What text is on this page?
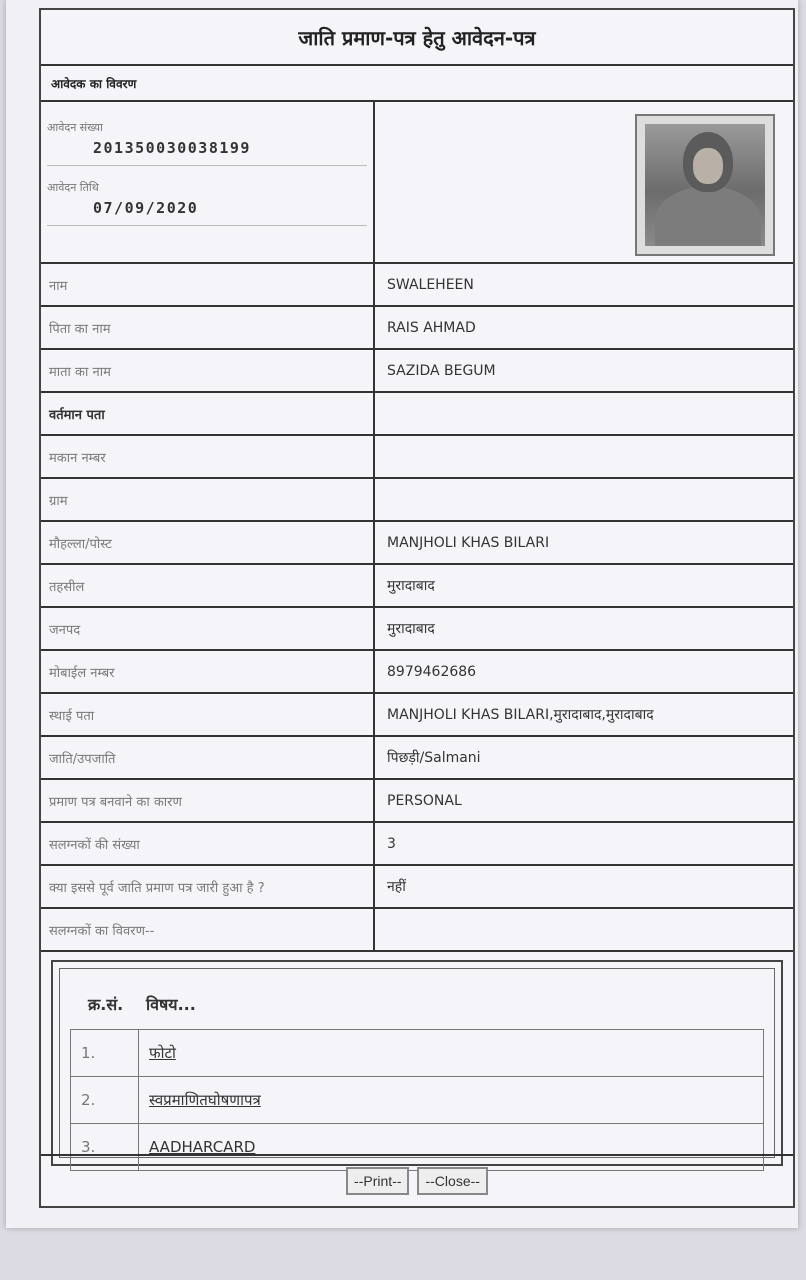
जाति प्रमाण-पत्र हेतु आवेदन-पत्र
आवेदक का विवरण
आवेदन संख्या
201350030038199
आवेदन तिथि
07/09/2020
नाम	SWALEHEEN
पिता का नाम	RAIS AHMAD
माता का नाम	SAZIDA BEGUM
वर्तमान पता
मकान नम्बर
ग्राम
मौहल्ला/पोस्ट	MANJHOLI KHAS BILARI
तहसील	मुरादाबाद
जनपद	मुरादाबाद
मोबाईल नम्बर	8979462686
स्थाई पता	MANJHOLI KHAS BILARI,मुरादाबाद,मुरादाबाद
जाति/उपजाति	पिछड़ी/Salmani
प्रमाण पत्र बनवाने का कारण	PERSONAL
सलग्नकों की संख्या	3
क्या इससे पूर्व जाति प्रमाण पत्र जारी हुआ है ?	नहीं
सलग्नकों का विवरण--
क्र.सं.	विषय...
1.	फोटो
2.	स्वप्रमाणितघोषणापत्र
3.	AADHARCARD
--Print--	--Close--
